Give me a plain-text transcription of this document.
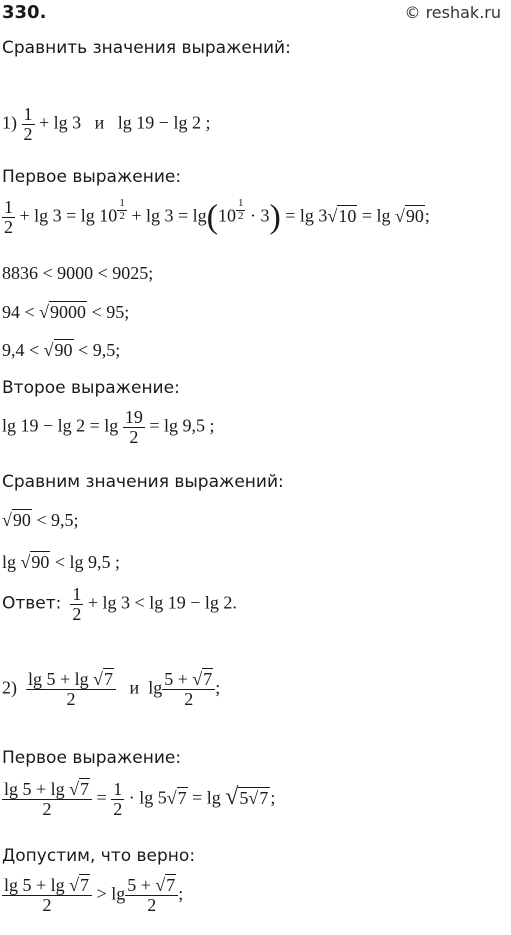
330.	© reshak.ru
Сравнить значения выражений:
$1) \frac{1}{2} + \lg 3$ и lg 19 − lg 2 ;
Первое выражение:
$\frac{1}{2} + \lg 3 = \lg 10 \frac{1}{2} + \lg 3 = \lg(10 \frac{1}{2} \cdot 3) = \lg 3√10 = \lg √90$;
8836 < 9000 < 9025;
94 < √9000 < 95;
9,4 < √90 < 9,5;
Второе выражение:
$\lg 19 - \lg 2 = \lg \frac{19}{2} = \lg 9,5$ ;
Сравним значения выражений:
√90 < 9,5;
lg √90 < lg 9,5 ;
Ответ: $\frac{1}{2} + \lg 3 < \lg 19 - \lg 2$.
$2) \frac{\lg 5 + \lg √7}{2}$ и $\lg \frac{5 + √7}{2}$ ;
Первое выражение:
$\frac{\lg 5 + \lg √7}{2} = \frac{1}{2} \cdot \lg 5√7 = \lg √5√7$ ;
Допустим, что верно:
$\frac{\lg 5 + \lg √7}{2} > \lg \frac{5 + √7}{2}$ ;
